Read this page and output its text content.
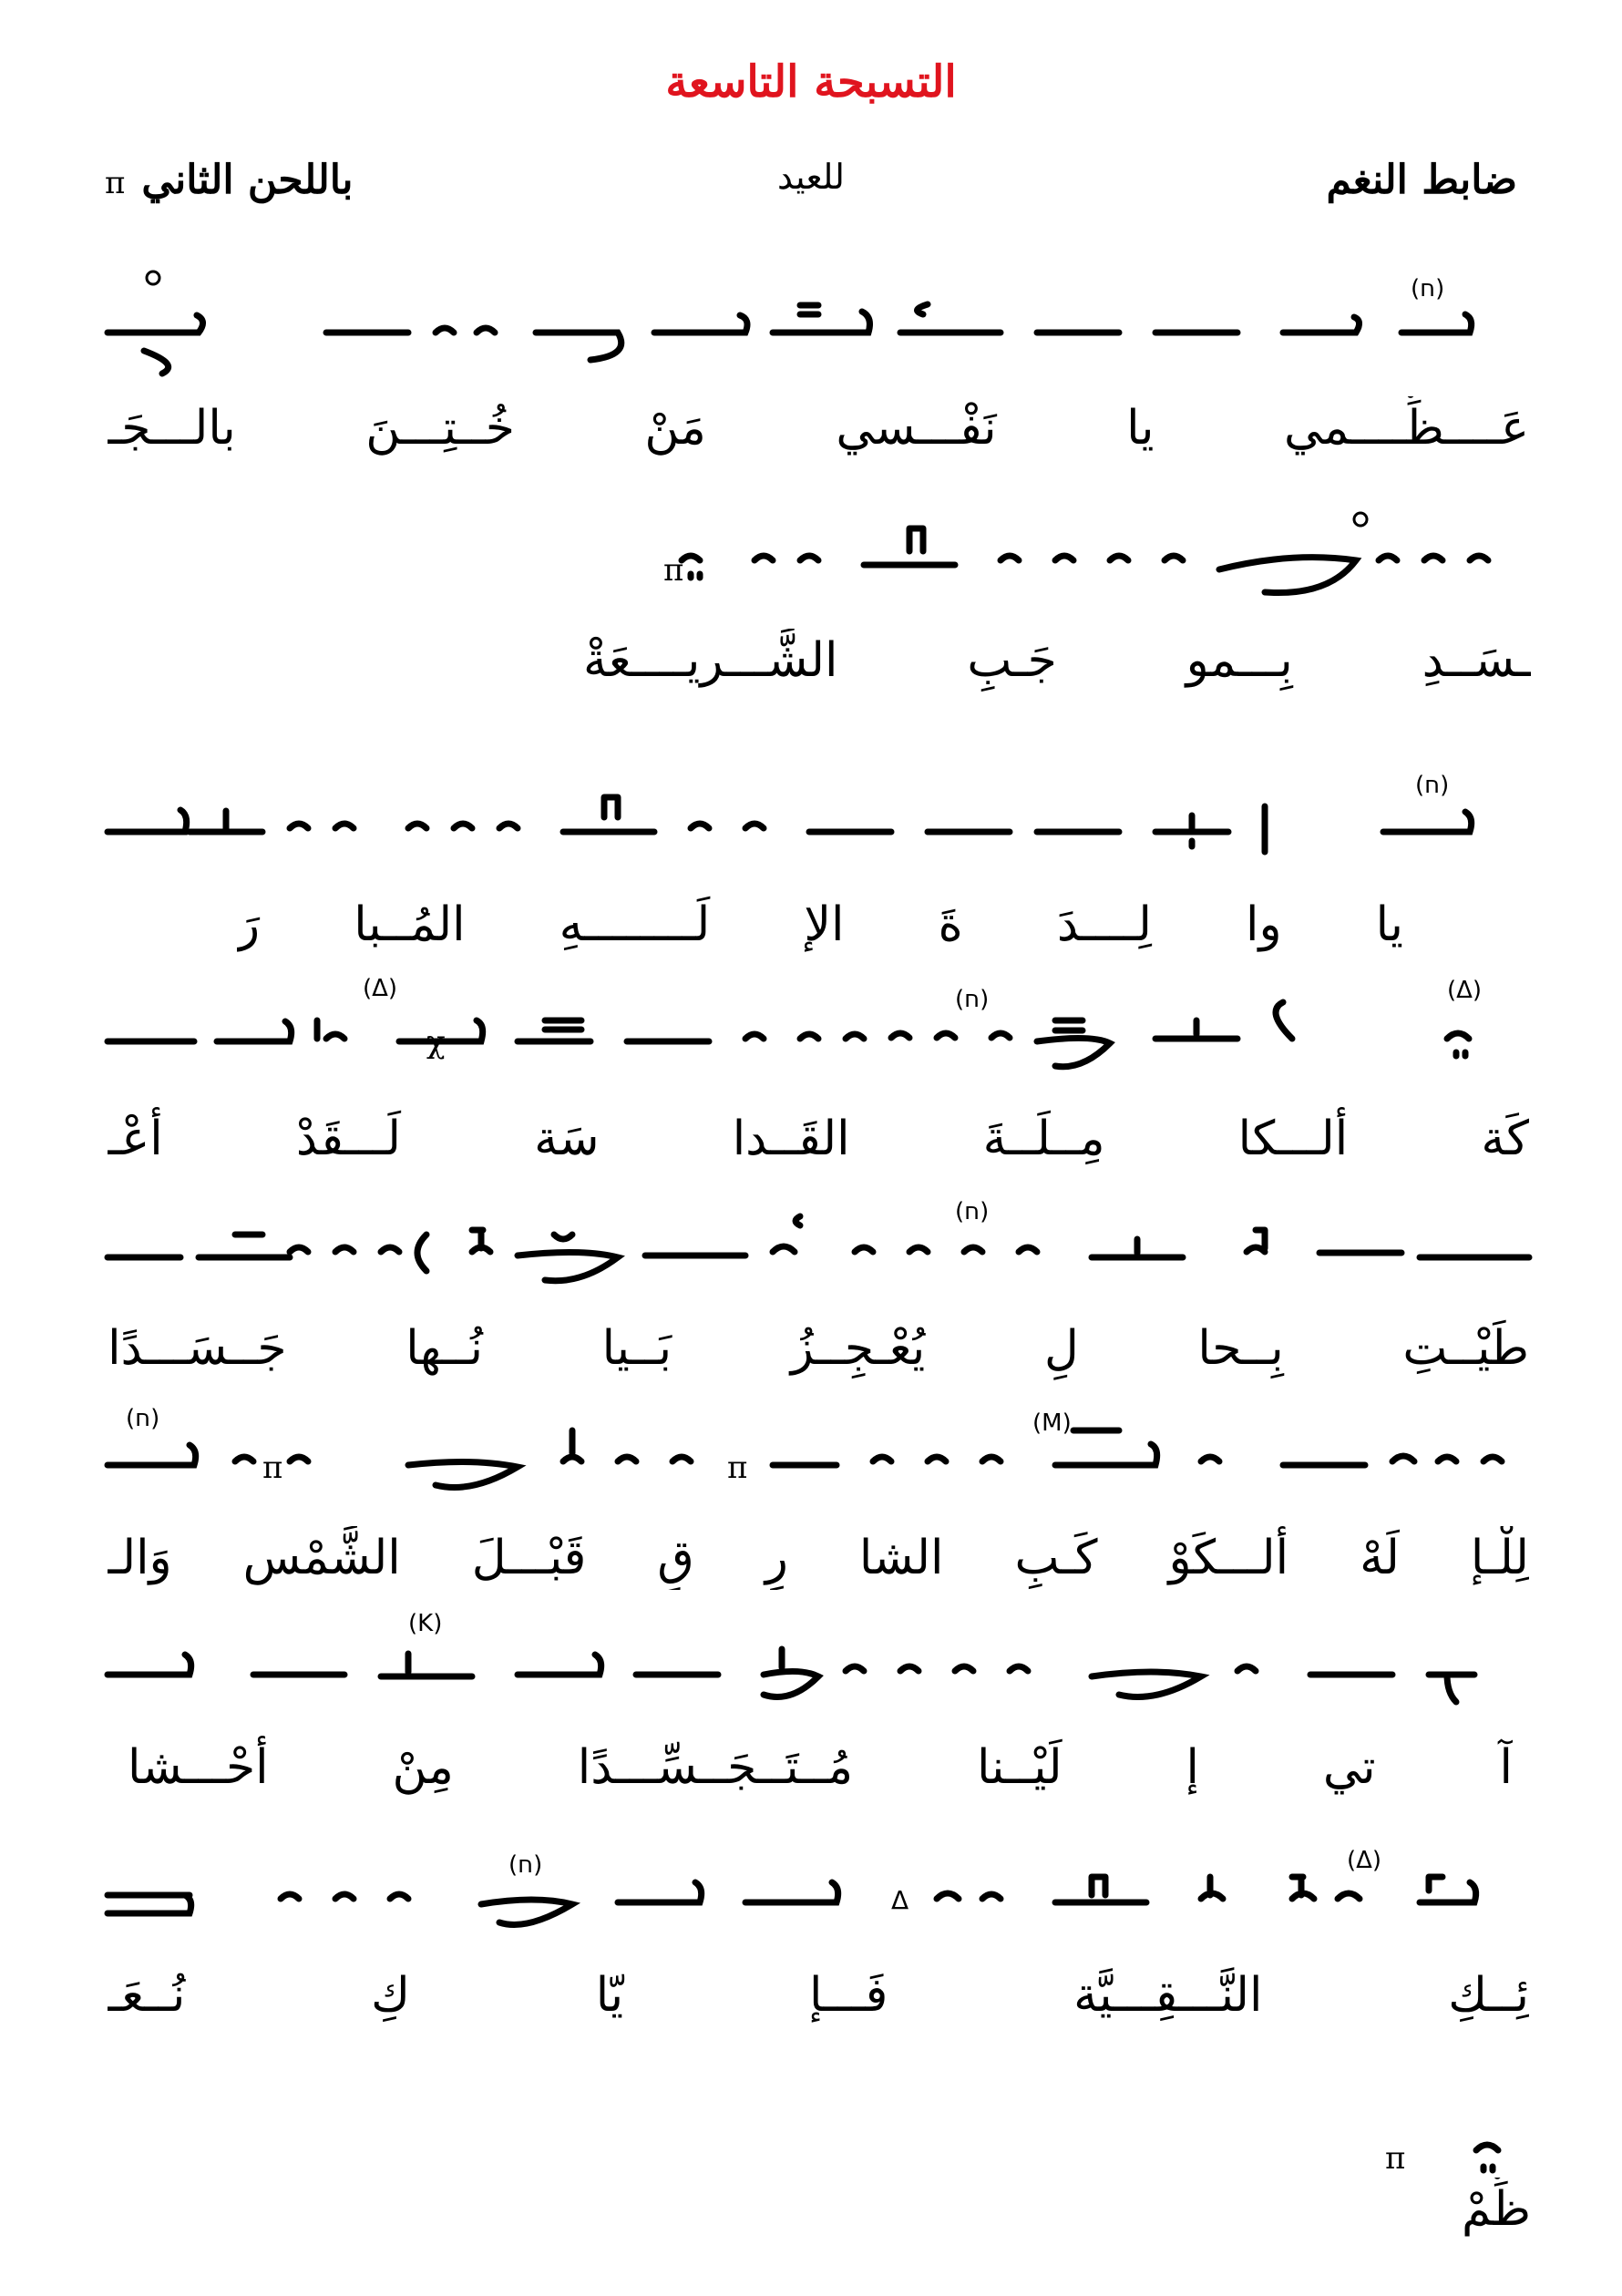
التسبحة التاسعة
ضابط النغم
للعيد
باللحن الثانيπ
(ח)
عَــــظِّــــمي
يا
نَفْـــسي
مَنْ
خُــتِـــنَ
بالـــجَـ
π
ـسَــدِ
بِـــمو
جَـبِ
الشَّـــريــــعَةْ
(ח)
يا
وا
لِــــدَ
ةَ
الإ
لَــــــــهِ
المُــبا
رَ
(Δ)
(ח)
(Δ)
χ
كَة
أَلـــكا
مِــلَــةَ
القَــدا
سَة
لَـــقَدْ
أَعْـ
(ח)
طَيْــتِ
بِــحا
لٍ
يُعْـجِــزُ
بَــيا
نُــها
جَــسَـــدًا
(M)
(ח)
π
π
لِلْـإ
لَهْ
أَلـــكَوْ
كَـبِ
الشا
رِ
قِ
قَبْـــلَ
الشَّمْس
وَالـ
(K)
آ
تي
إ
لَيْــنا
مُــتَــجَــسِّـــدًا
مِنْ
أَحْـــشا
(Δ)
(ח)
Δ
ئِــكِ
النَّـــقِـــيَّة
فَـــإ
يّا
كِ
نُــعَـ
π
ظِّمْ
